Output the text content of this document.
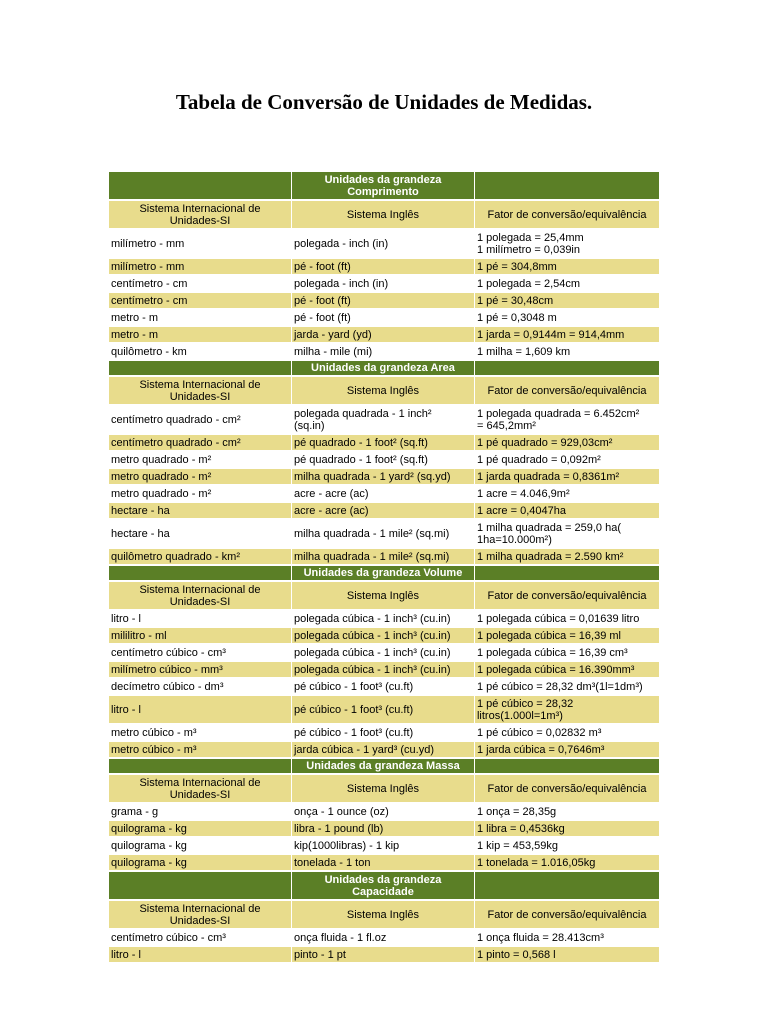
Tabela de Conversão de Unidades de Medidas.
	Unidades da grandeza
Comprimento	
Sistema Internacional de
Unidades-SI	Sistema Inglês	Fator de conversão/equivalência
milímetro - mm	polegada - inch (in)	1 polegada = 25,4mm
1 milímetro = 0,039in
milímetro - mm	pé - foot (ft)	1 pé = 304,8mm
centímetro - cm	polegada - inch (in)	1 polegada = 2,54cm
centímetro - cm	pé - foot (ft)	1 pé = 30,48cm
metro - m	pé - foot (ft)	1 pé = 0,3048 m
metro - m	jarda - yard (yd)	1 jarda = 0,9144m = 914,4mm
quilômetro - km	milha - mile (mi)	1 milha = 1,609 km
	Unidades da grandeza Area	
Sistema Internacional de
Unidades-SI	Sistema Inglês	Fator de conversão/equivalência
centímetro quadrado - cm²	polegada quadrada - 1 inch²
(sq.in)	1 polegada quadrada = 6.452cm²
= 645,2mm²
centímetro quadrado - cm²	pé quadrado - 1 foot² (sq.ft)	1 pé quadrado = 929,03cm²
metro quadrado - m²	pé quadrado - 1 foot² (sq.ft)	1 pé quadrado = 0,092m²
metro quadrado - m²	milha quadrada - 1 yard² (sq.yd)	1 jarda quadrada = 0,8361m²
metro quadrado - m²	acre - acre (ac)	1 acre = 4.046,9m²
hectare - ha	acre - acre (ac)	1 acre = 0,4047ha
hectare - ha	milha quadrada - 1 mile² (sq.mi)	1 milha quadrada = 259,0 ha(
1ha=10.000m²)
quilômetro quadrado - km²	milha quadrada - 1 mile² (sq.mi)	1 milha quadrada = 2.590 km²
	Unidades da grandeza Volume	
Sistema Internacional de
Unidades-SI	Sistema Inglês	Fator de conversão/equivalência
litro - l	polegada cúbica - 1 inch³ (cu.in)	1 polegada cúbica = 0,01639 litro
mililitro - ml	polegada cúbica - 1 inch³ (cu.in)	1 polegada cúbica = 16,39 ml
centímetro cúbico - cm³	polegada cúbica - 1 inch³ (cu.in)	1 polegada cúbica = 16,39 cm³
milímetro cúbico - mm³	polegada cúbica - 1 inch³ (cu.in)	1 polegada cúbica = 16.390mm³
decímetro cúbico - dm³	pé cúbico - 1 foot³ (cu.ft)	1 pé cúbico = 28,32 dm³(1l=1dm³)
litro - l	pé cúbico - 1 foot³ (cu.ft)	1 pé cúbico = 28,32
litros(1.000l=1m³)
metro cúbico - m³	pé cúbico - 1 foot³ (cu.ft)	1 pé cúbico = 0,02832 m³
metro cúbico - m³	jarda cúbica - 1 yard³ (cu.yd)	1 jarda cúbica = 0,7646m³
	Unidades da grandeza Massa	
Sistema Internacional de
Unidades-SI	Sistema Inglês	Fator de conversão/equivalência
grama - g	onça - 1 ounce (oz)	1 onça = 28,35g
quilograma - kg	libra - 1 pound (lb)	1 libra = 0,4536kg
quilograma - kg	kip(1000libras) - 1 kip	1 kip = 453,59kg
quilograma - kg	tonelada - 1 ton	1 tonelada = 1.016,05kg
	Unidades da grandeza
Capacidade	
Sistema Internacional de
Unidades-SI	Sistema Inglês	Fator de conversão/equivalência
centímetro cúbico - cm³	onça fluida - 1 fl.oz	1 onça fluida = 28.413cm³
litro - l	pinto - 1 pt	1 pinto = 0,568 l
